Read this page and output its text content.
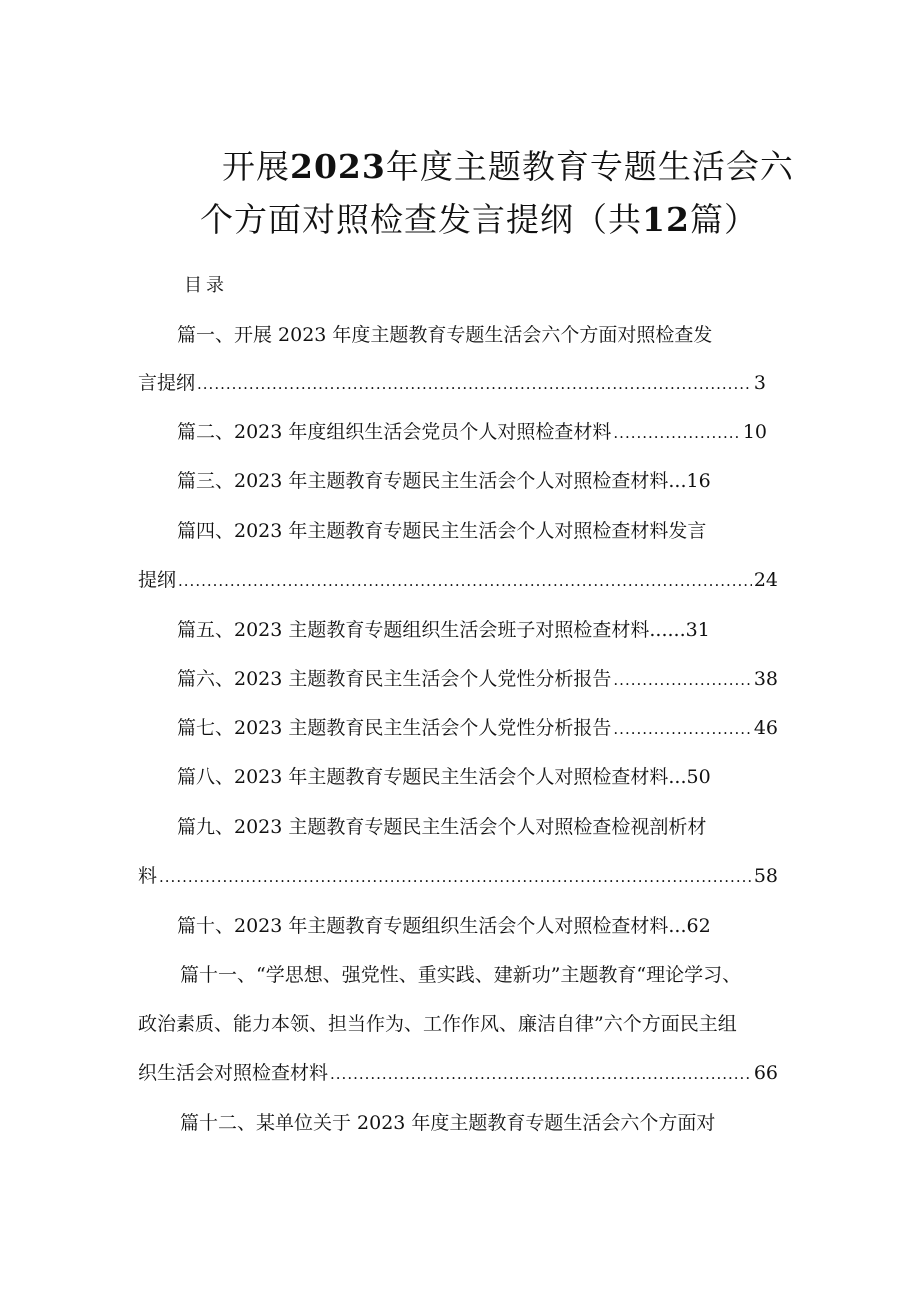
开展2023年度主题教育专题生活会六
个方面对照检查发言提纲（共12篇）
目录
篇一、开展 2023 年度主题教育专题生活会六个方面对照检查发
言提纲 .....	3
篇二、2023 年度组织生活会党员个人对照检查材料 .....	10
篇三、2023 年主题教育专题民主生活会个人对照检查材料... 16
篇四、2023 年主题教育专题民主生活会个人对照检查材料发言
提纲 .....	24
篇五、2023 主题教育专题组织生活会班子对照检查材料...... 31
篇六、2023 主题教育民主生活会个人党性分析报告 .....	38
篇七、2023 主题教育民主生活会个人党性分析报告 .....	46
篇八、2023 年主题教育专题民主生活会个人对照检查材料... 50
篇九、2023 主题教育专题民主生活会个人对照检查检视剖析材
料 .....	58
篇十、2023 年主题教育专题组织生活会个人对照检查材料... 62
篇十一、“学思想、强党性、重实践、建新功”主题教育“理论学习、
政治素质、能力本领、担当作为、工作作风、廉洁自律”六个方面民主组
织生活会对照检查材料 .....	66
篇十二、某单位关于 2023 年度主题教育专题生活会六个方面对
